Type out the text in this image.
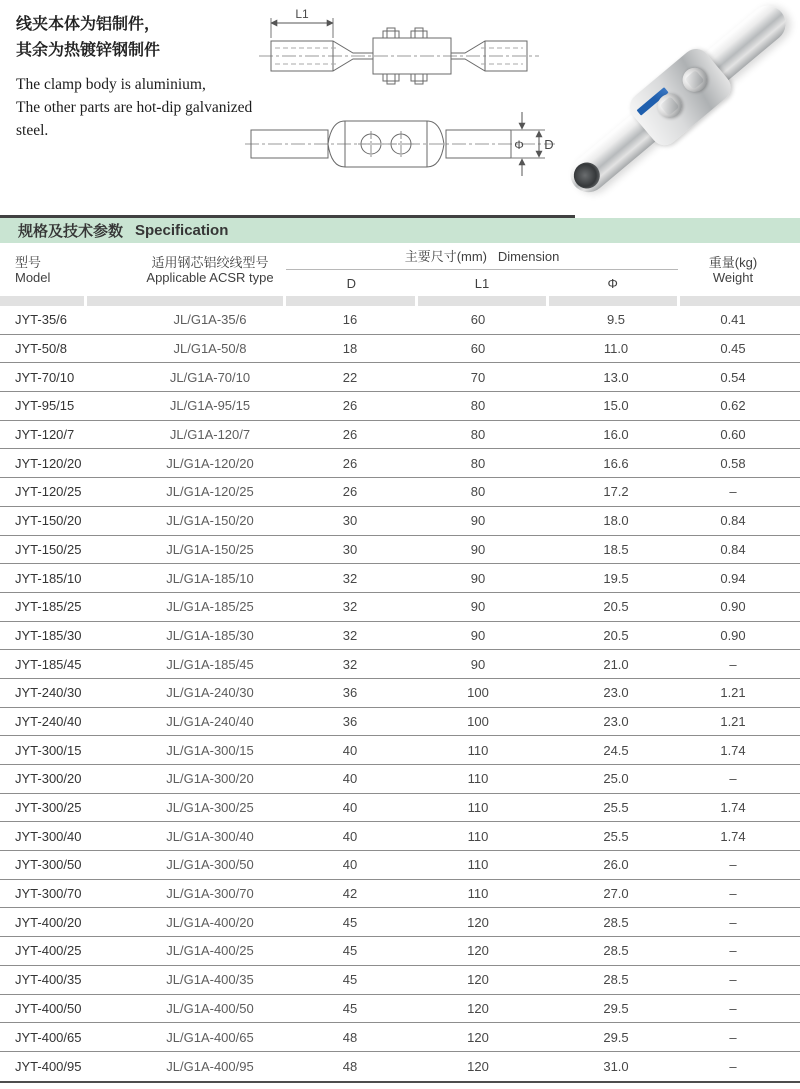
线夹本体为铝制件，
其余为热镀锌钢制件
The clamp body is aluminium,
The other parts are hot-dip galvanized steel.
L1
Φ D
规格及技术参数 Specification
型号
Model
适用钢芯铝绞线型号
Applicable ACSR type
主要尺寸(mm) Dimension
D	L1	Φ
重量(kg)
Weight
JYT-35/6	JL/G1A-35/6	16	60	9.5	0.41
JYT-50/8	JL/G1A-50/8	18	60	11.0	0.45
JYT-70/10	JL/G1A-70/10	22	70	13.0	0.54
JYT-95/15	JL/G1A-95/15	26	80	15.0	0.62
JYT-120/7	JL/G1A-120/7	26	80	16.0	0.60
JYT-120/20	JL/G1A-120/20	26	80	16.6	0.58
JYT-120/25	JL/G1A-120/25	26	80	17.2	–
JYT-150/20	JL/G1A-150/20	30	90	18.0	0.84
JYT-150/25	JL/G1A-150/25	30	90	18.5	0.84
JYT-185/10	JL/G1A-185/10	32	90	19.5	0.94
JYT-185/25	JL/G1A-185/25	32	90	20.5	0.90
JYT-185/30	JL/G1A-185/30	32	90	20.5	0.90
JYT-185/45	JL/G1A-185/45	32	90	21.0	–
JYT-240/30	JL/G1A-240/30	36	100	23.0	1.21
JYT-240/40	JL/G1A-240/40	36	100	23.0	1.21
JYT-300/15	JL/G1A-300/15	40	110	24.5	1.74
JYT-300/20	JL/G1A-300/20	40	110	25.0	–
JYT-300/25	JL/G1A-300/25	40	110	25.5	1.74
JYT-300/40	JL/G1A-300/40	40	110	25.5	1.74
JYT-300/50	JL/G1A-300/50	40	110	26.0	–
JYT-300/70	JL/G1A-300/70	42	110	27.0	–
JYT-400/20	JL/G1A-400/20	45	120	28.5	–
JYT-400/25	JL/G1A-400/25	45	120	28.5	–
JYT-400/35	JL/G1A-400/35	45	120	28.5	–
JYT-400/50	JL/G1A-400/50	45	120	29.5	–
JYT-400/65	JL/G1A-400/65	48	120	29.5	–
JYT-400/95	JL/G1A-400/95	48	120	31.0	–
